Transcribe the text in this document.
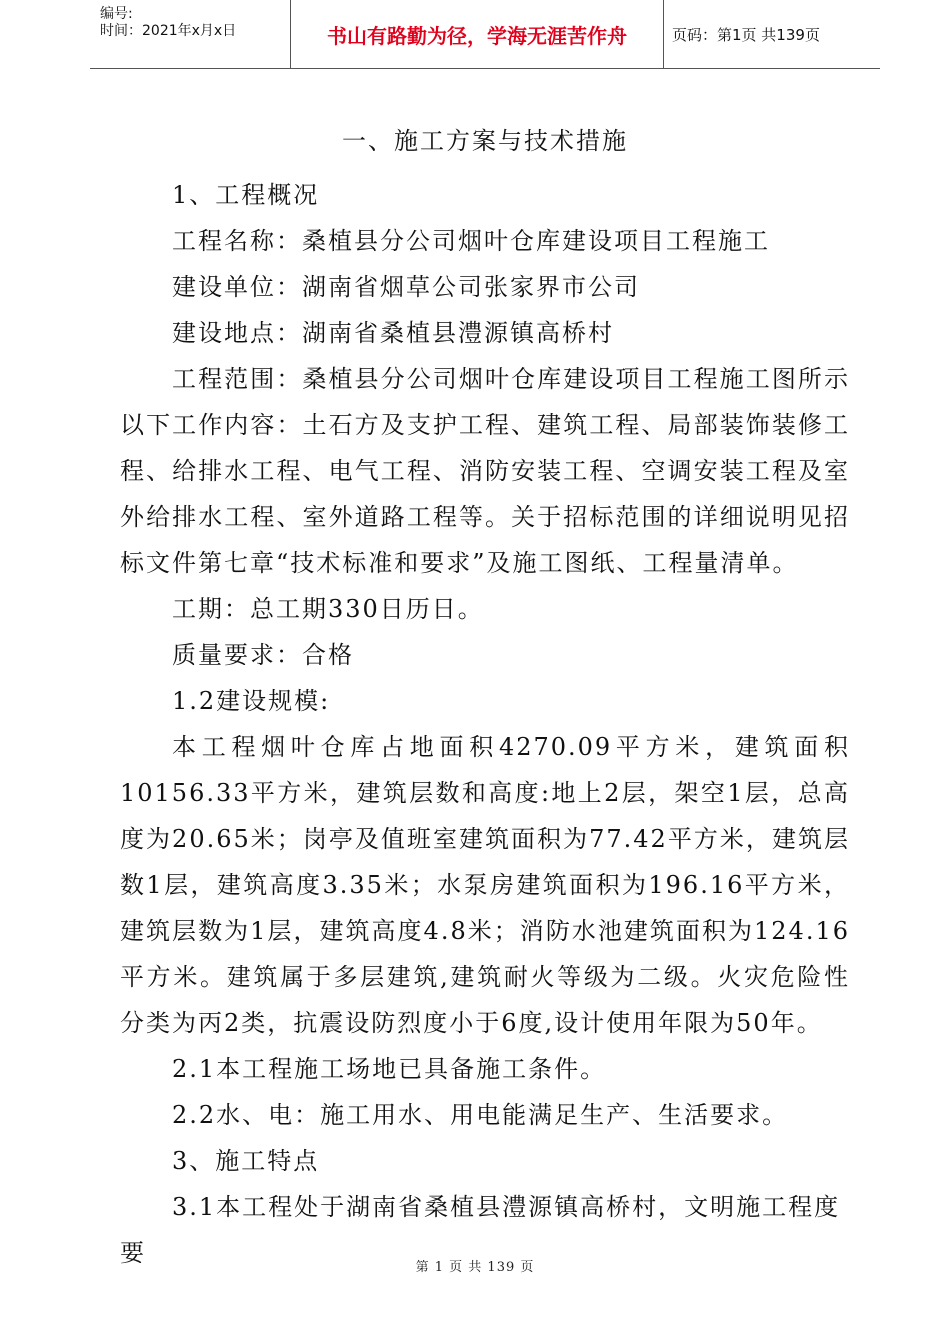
编号:
时间：2021年x月x日	书山有路勤为径，学海无涯苦作舟	页码：第1页 共139页
一、施工方案与技术措施

1、工程概况

工程名称：桑植县分公司烟叶仓库建设项目工程施工

建设单位：湖南省烟草公司张家界市公司

建设地点：湖南省桑植县澧源镇高桥村

工程范围：桑植县分公司烟叶仓库建设项目工程施工图所示以下工作内容：土石方及支护工程、建筑工程、局部装饰装修工程、给排水工程、电气工程、消防安装工程、空调安装工程及室外给排水工程、室外道路工程等。关于招标范围的详细说明见招标文件第七章“技术标准和要求”及施工图纸、工程量清单。

工期：总工期330日历日。

质量要求：合格

1.2建设规模:

本工程烟叶仓库占地面积4270.09平方米，建筑面积10156.33平方米，建筑层数和高度:地上2层，架空1层，总高度为20.65米；岗亭及值班室建筑面积为77.42平方米，建筑层数1层，建筑高度3.35米；水泵房建筑面积为196.16平方米，建筑层数为1层，建筑高度4.8米；消防水池建筑面积为124.16平方米。建筑属于多层建筑,建筑耐火等级为二级。火灾危险性分类为丙2类，抗震设防烈度小于6度,设计使用年限为50年。

2.1本工程施工场地已具备施工条件。

2.2水、电：施工用水、用电能满足生产、生活要求。

3、施工特点

3.1本工程处于湖南省桑植县澧源镇高桥村，文明施工程度要

第 1 页 共 139 页
